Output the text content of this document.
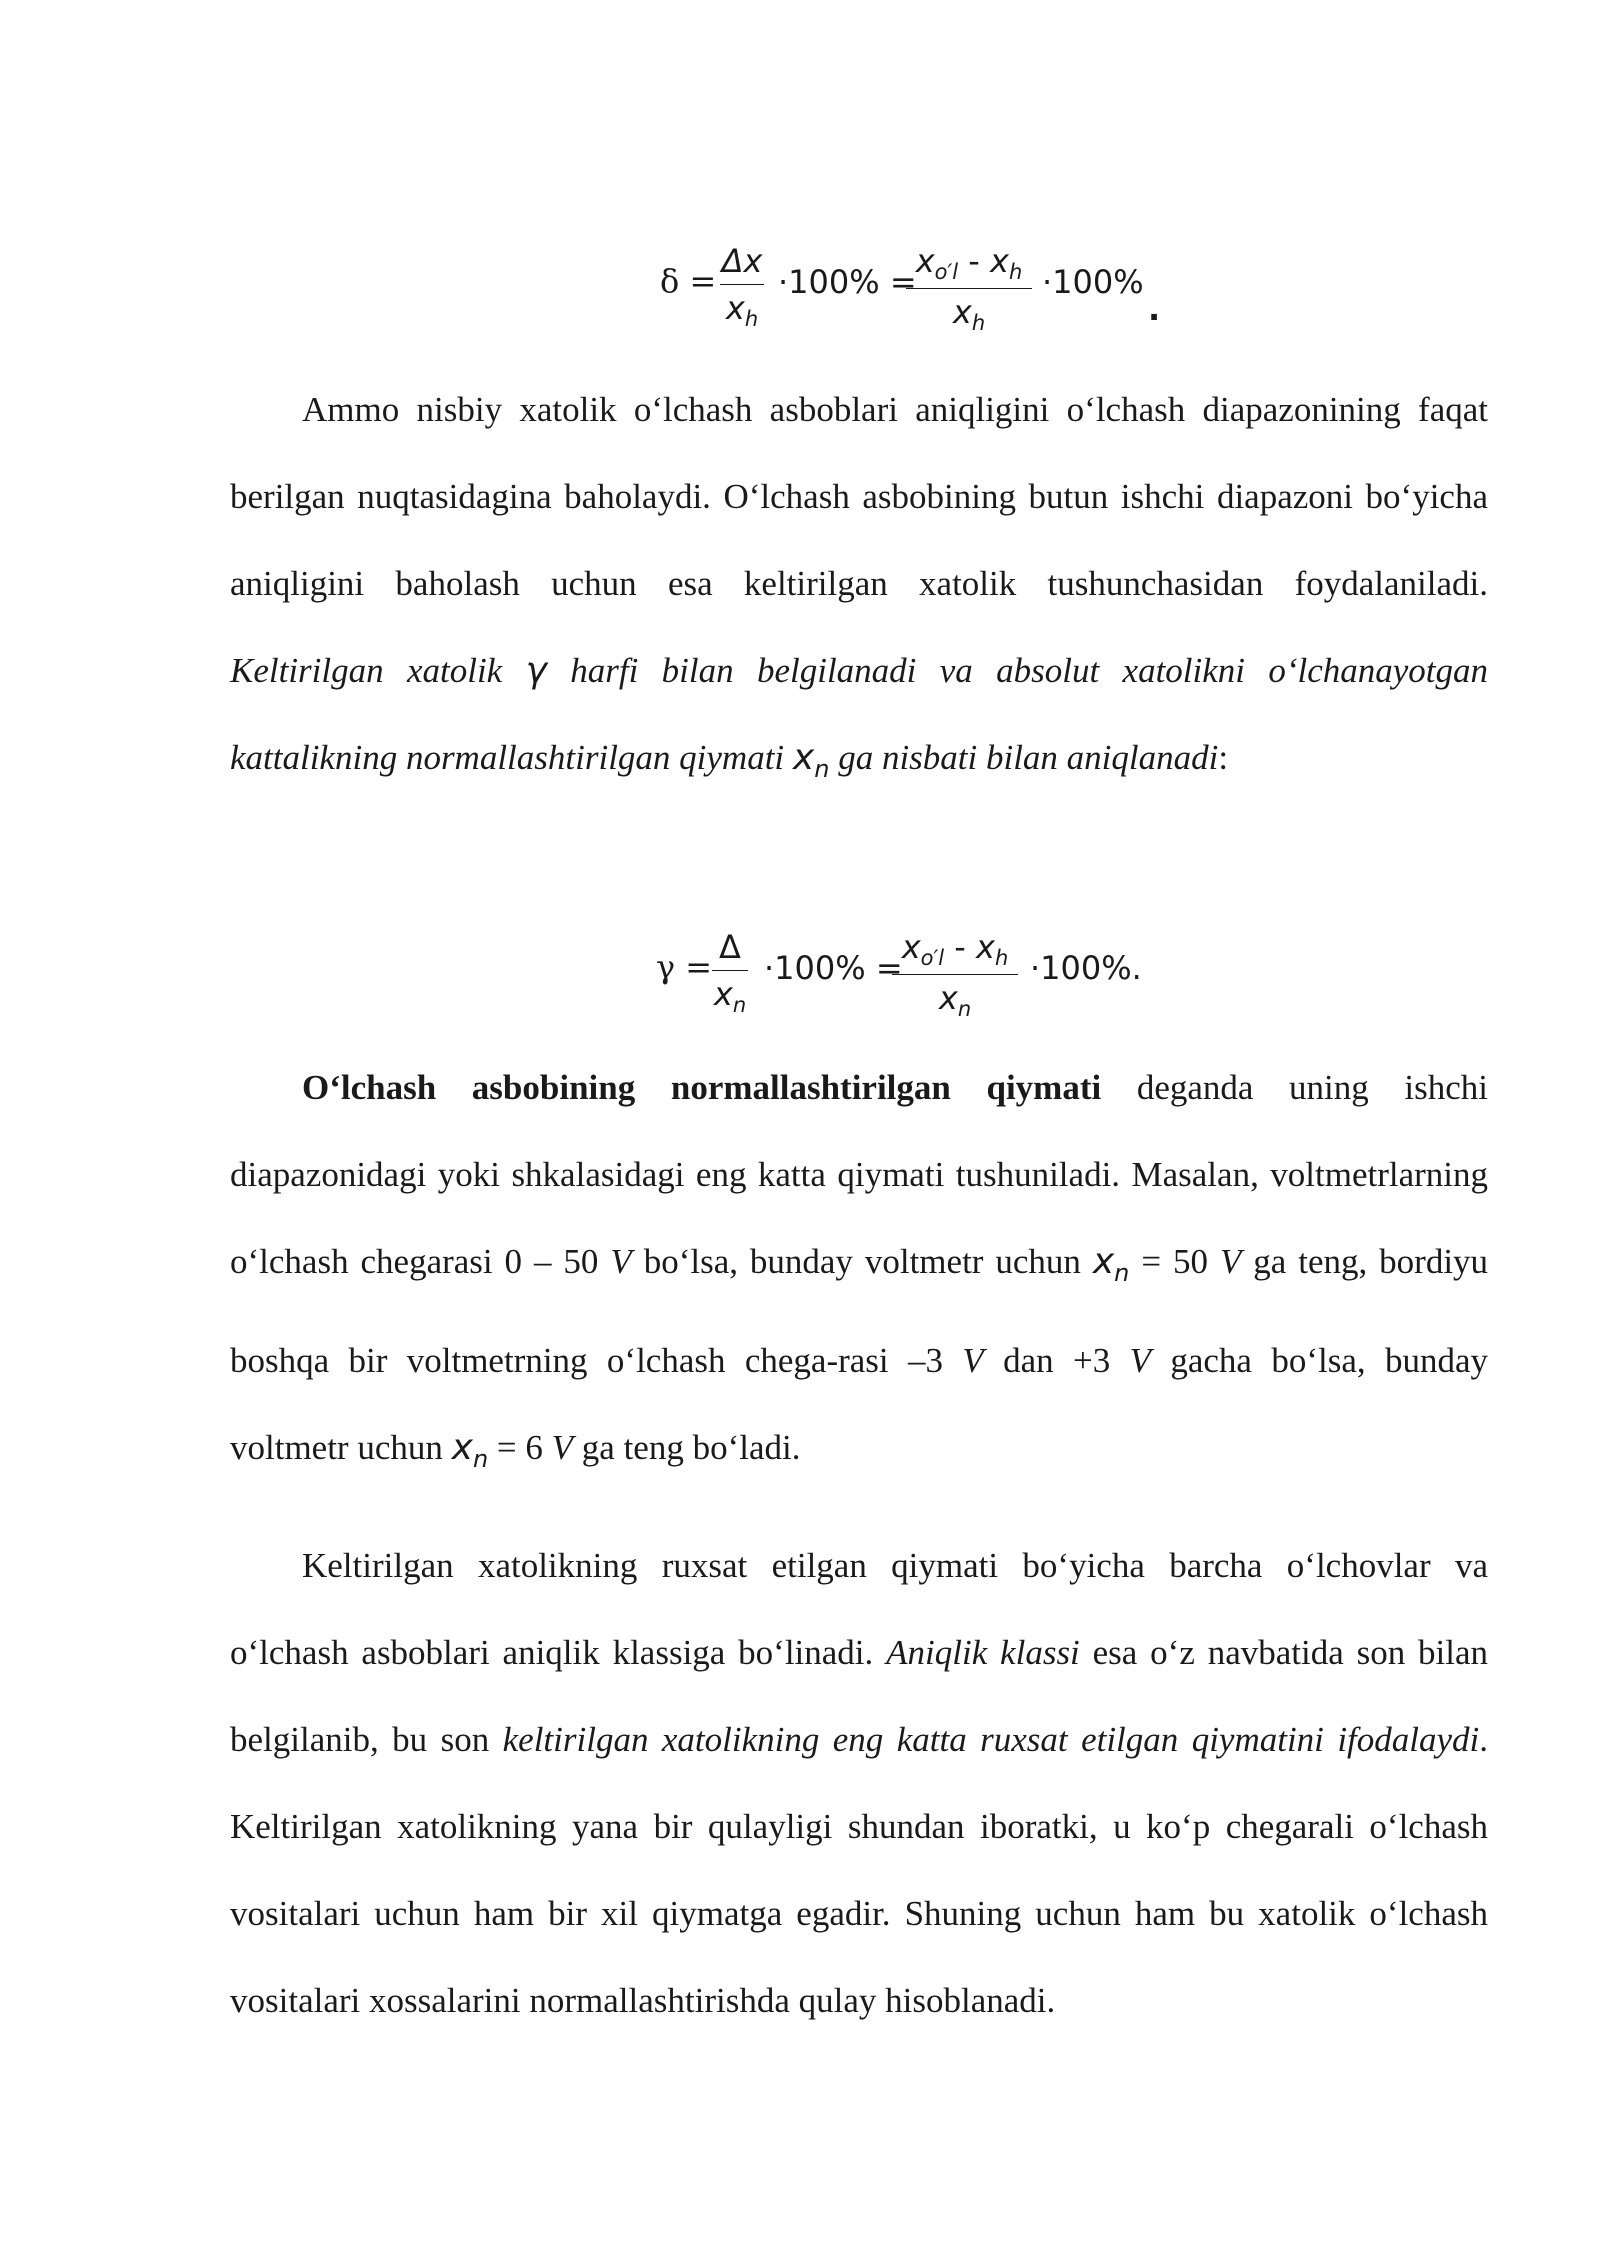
δ =
Δx
$x_h$
·100% =
$x_{o'l} - x_h$
$x_h$
·100%
.

Ammo nisbiy xatolik o‘lchash asboblari aniqligini o‘lchash diapazonining faqat berilgan nuqtasidagina baholaydi. O‘lchash asbobining butun ishchi diapazoni bo‘yicha aniqligini baholash uchun esa keltirilgan xatolik tushunchasidan foydalaniladi. Keltirilgan xatolik γ harfi bilan belgilanadi va absolut xatolikni o‘lchanayotgan kattalikning normallashtirilgan qiymati $x_n$ ga nisbati bilan aniqlanadi:

γ =
Δ
$x_n$
·100% =
$x_{o'l} - x_h$
$x_n$
·100%.

O‘lchash asbobining normallashtirilgan qiymati deganda uning ishchi diapazonidagi yoki shkalasidagi eng katta qiymati tushuniladi. Masalan, voltmetrlarning o‘lchash chegarasi 0 – 50 V bo‘lsa, bunday voltmetr uchun $x_n = 50$ V ga teng, bordiyu boshqa bir voltmetrning o‘lchash chega-rasi –3 V dan +3 V gacha bo‘lsa, bunday voltmetr uchun $x_n = 6$ V ga teng bo‘ladi.

Keltirilgan xatolikning ruxsat etilgan qiymati bo‘yicha barcha o‘lchovlar va o‘lchash asboblari aniqlik klassiga bo‘linadi. Aniqlik klassi esa o‘z navbatida son bilan belgilanib, bu son keltirilgan xatolikning eng katta ruxsat etilgan qiymatini ifodalaydi. Keltirilgan xatolikning yana bir qulayligi shundan iboratki, u ko‘p chegarali o‘lchash vositalari uchun ham bir xil qiymatga egadir. Shuning uchun ham bu xatolik o‘lchash vositalari xossalarini normallashtirishda qulay hisoblanadi.
